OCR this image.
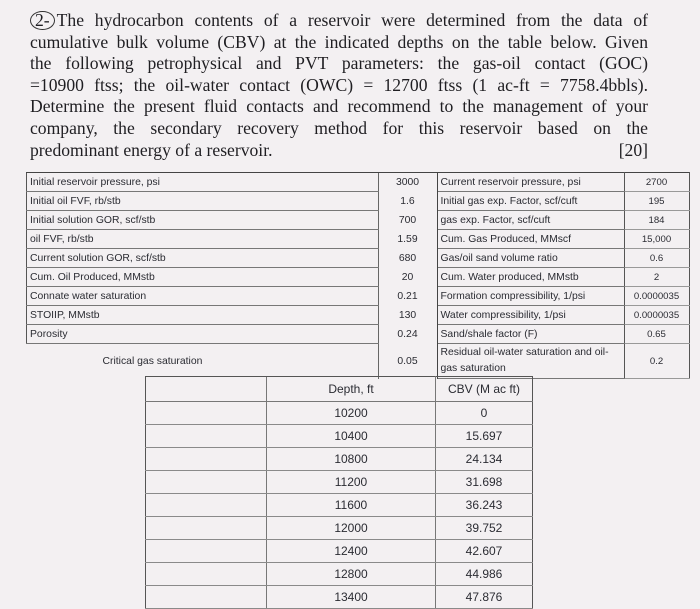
2- The hydrocarbon contents of a reservoir were determined from the data of
cumulative bulk volume (CBV) at the indicated depths on the table below. Given
the following petrophysical and PVT parameters: the gas-oil contact (GOC)
=10900 ftss; the oil-water contact (OWC) = 12700 ftss (1 ac-ft = 7758.4bbls).
Determine the present fluid contacts and recommend to the management of your
company, the secondary recovery method for this reservoir based on the
predominant energy of a reservoir.	[20]
Initial reservoir pressure, psi	3000	Current reservoir pressure, psi	2700
Initial oil FVF, rb/stb	1.6	Initial gas exp. Factor, scf/cuft	195
Initial solution GOR, scf/stb	700	gas exp. Factor, scf/cuft	184
oil FVF, rb/stb	1.59	Cum. Gas Produced, MMscf	15,000
Current solution GOR, scf/stb	680	Gas/oil sand volume ratio	0.6
Cum. Oil Produced, MMstb	20	Cum. Water produced, MMstb	2
Connate water saturation	0.21	Formation compressibility, 1/psi	0.0000035
STOIIP, MMstb	130	Water compressibility, 1/psi	0.0000035
Porosity	0.24	Sand/shale factor (F)	0.65
Critical gas saturation	0.05	Residual oil-water saturation and oil-gas saturation	0.2
	Depth, ft	CBV (M ac ft)
	10200	0
	10400	15.697
	10800	24.134
	11200	31.698
	11600	36.243
	12000	39.752
	12400	42.607
	12800	44.986
	13400	47.876
